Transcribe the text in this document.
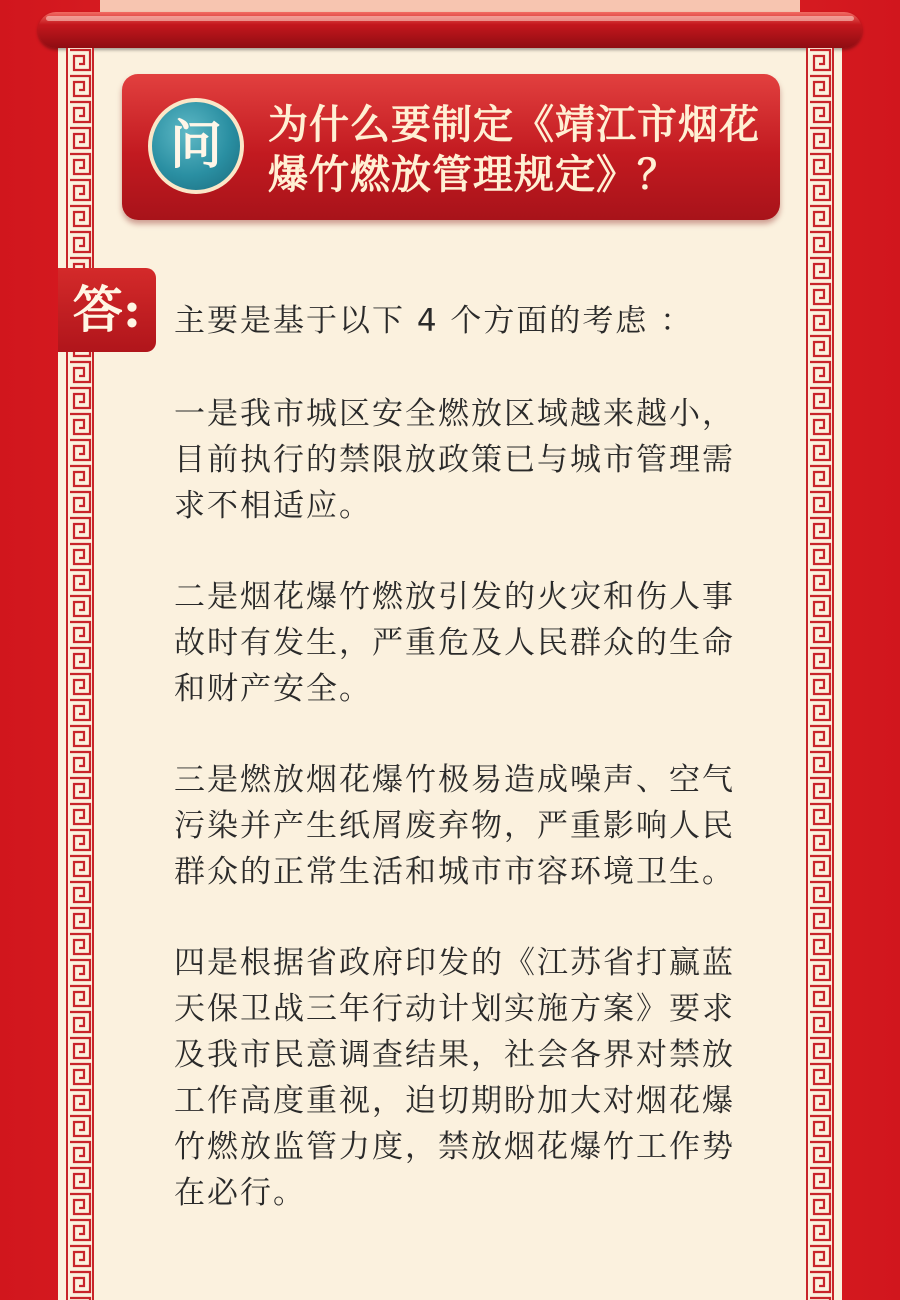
问 为什么要制定《靖江市烟花爆竹燃放管理规定》？
答: 主要是基于以下 4 个方面的考虑 ：

一是我市城区安全燃放区域越来越小，目前执行的禁限放政策已与城市管理需求不相适应。

二是烟花爆竹燃放引发的火灾和伤人事故时有发生，严重危及人民群众的生命和财产安全。

三是燃放烟花爆竹极易造成噪声、空气污染并产生纸屑废弃物，严重影响人民群众的正常生活和城市市容环境卫生。

四是根据省政府印发的《江苏省打赢蓝天保卫战三年行动计划实施方案》要求及我市民意调查结果，社会各界对禁放工作高度重视，迫切期盼加大对烟花爆竹燃放监管力度，禁放烟花爆竹工作势在必行。
